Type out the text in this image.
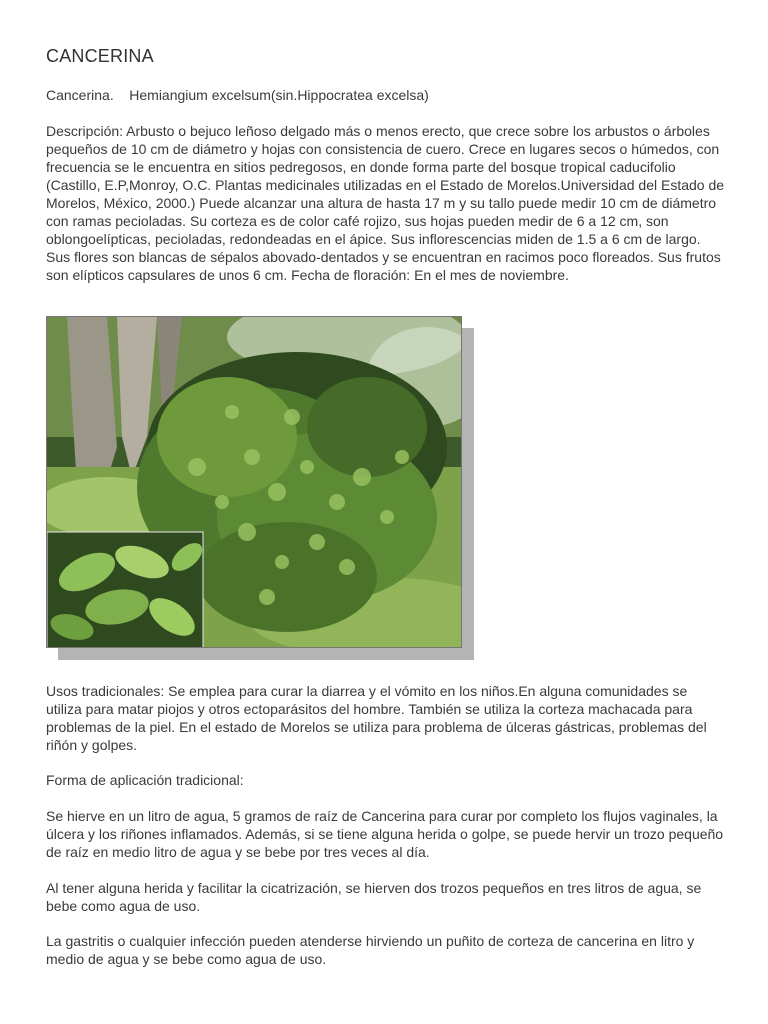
CANCERINA

Cancerina.    Hemiangium excelsum(sin.Hippocratea excelsa)

Descripción: Arbusto o bejuco leñoso delgado más o menos erecto, que crece sobre los arbustos o árboles pequeños de 10 cm de diámetro y hojas con consistencia de cuero. Crece en lugares secos o húmedos, con frecuencia se le encuentra en sitios pedregosos, en donde forma parte del bosque tropical caducifolio (Castillo, E.P,Monroy, O.C. Plantas medicinales utilizadas en el Estado de Morelos.Universidad del Estado de Morelos, México, 2000.) Puede alcanzar una altura de hasta 17 m y su tallo puede medir 10 cm de diámetro con ramas pecioladas. Su corteza es de color café rojizo, sus hojas pueden medir de 6 a 12 cm, son oblongoelípticas, pecioladas, redondeadas en el ápice. Sus inflorescencias miden de 1.5 a 6 cm de largo. Sus flores son blancas de sépalos abovado-dentados y se encuentran en racimos poco floreados. Sus frutos son elípticos capsulares de unos 6 cm. Fecha de floración: En el mes de noviembre.

Usos tradicionales: Se emplea para curar la diarrea y el vómito en los niños.En alguna comunidades se utiliza para matar piojos y otros ectoparásitos del hombre. También se utiliza la corteza machacada para problemas de la piel. En el estado de Morelos se utiliza para problema de úlceras gástricas, problemas del riñón y golpes.

Forma de aplicación tradicional:

Se hierve en un litro de agua, 5 gramos de raíz de Cancerina para curar por completo los flujos vaginales, la úlcera y los riñones inflamados. Además, si se tiene alguna herida o golpe, se puede hervir un trozo pequeño de raíz en medio litro de agua y se bebe por tres veces al día.

Al tener alguna herida y facilitar la cicatrización, se hierven dos trozos pequeños en tres litros de agua, se bebe como agua de uso.

La gastritis o cualquier infección pueden atenderse hirviendo un puñito de corteza de cancerina en litro y medio de agua y se bebe como agua de uso.
